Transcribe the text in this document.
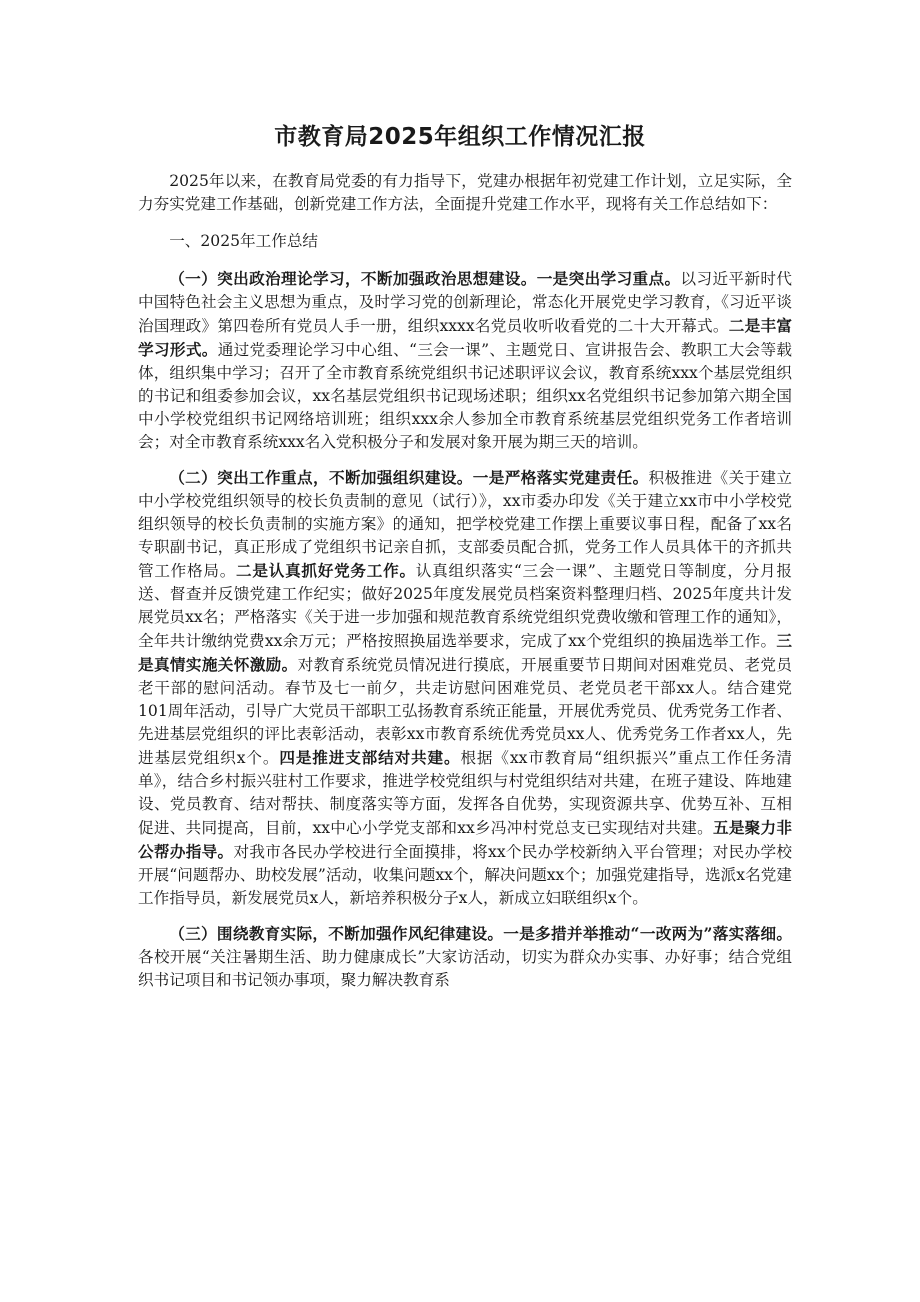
市教育局2025年组织工作情况汇报

2025年以来，在教育局党委的有力指导下，党建办根据年初党建工作计划，立足实际，全力夯实党建工作基础，创新党建工作方法，全面提升党建工作水平，现将有关工作总结如下：

一、2025年工作总结

（一）突出政治理论学习，不断加强政治思想建设。一是突出学习重点。以习近平新时代中国特色社会主义思想为重点，及时学习党的创新理论，常态化开展党史学习教育，《习近平谈治国理政》第四卷所有党员人手一册，组织xxxx名党员收听收看党的二十大开幕式。二是丰富学习形式。通过党委理论学习中心组、“三会一课”、主题党日、宣讲报告会、教职工大会等载体，组织集中学习；召开了全市教育系统党组织书记述职评议会议，教育系统xxx个基层党组织的书记和组委参加会议，xx名基层党组织书记现场述职；组织xx名党组织书记参加第六期全国中小学校党组织书记网络培训班；组织xxx余人参加全市教育系统基层党组织党务工作者培训会；对全市教育系统xxx名入党积极分子和发展对象开展为期三天的培训。

（二）突出工作重点，不断加强组织建设。一是严格落实党建责任。积极推进《关于建立中小学校党组织领导的校长负责制的意见（试行）》，xx市委办印发《关于建立xx市中小学校党组织领导的校长负责制的实施方案》的通知，把学校党建工作摆上重要议事日程，配备了xx名专职副书记，真正形成了党组织书记亲自抓，支部委员配合抓，党务工作人员具体干的齐抓共管工作格局。二是认真抓好党务工作。认真组织落实“三会一课”、主题党日等制度，分月报送、督查并反馈党建工作纪实；做好2025年度发展党员档案资料整理归档、2025年度共计发展党员xx名；严格落实《关于进一步加强和规范教育系统党组织党费收缴和管理工作的通知》，全年共计缴纳党费xx余万元；严格按照换届选举要求，完成了xx个党组织的换届选举工作。三是真情实施关怀激励。对教育系统党员情况进行摸底，开展重要节日期间对困难党员、老党员老干部的慰问活动。春节及七一前夕，共走访慰问困难党员、老党员老干部xx人。结合建党101周年活动，引导广大党员干部职工弘扬教育系统正能量，开展优秀党员、优秀党务工作者、先进基层党组织的评比表彰活动，表彰xx市教育系统优秀党员xx人、优秀党务工作者xx人，先进基层党组织x个。四是推进支部结对共建。根据《xx市教育局“组织振兴”重点工作任务清单》，结合乡村振兴驻村工作要求，推进学校党组织与村党组织结对共建，在班子建设、阵地建设、党员教育、结对帮扶、制度落实等方面，发挥各自优势，实现资源共享、优势互补、互相促进、共同提高，目前，xx中心小学党支部和xx乡冯冲村党总支已实现结对共建。五是聚力非公帮办指导。对我市各民办学校进行全面摸排，将xx个民办学校新纳入平台管理；对民办学校开展“问题帮办、助校发展”活动，收集问题xx个，解决问题xx个；加强党建指导，选派x名党建工作指导员，新发展党员x人，新培养积极分子x人，新成立妇联组织x个。

（三）围绕教育实际，不断加强作风纪律建设。一是多措并举推动“一改两为”落实落细。各校开展“关注暑期生活、助力健康成长”大家访活动，切实为群众办实事、办好事；结合党组织书记项目和书记领办事项，聚力解决教育系
